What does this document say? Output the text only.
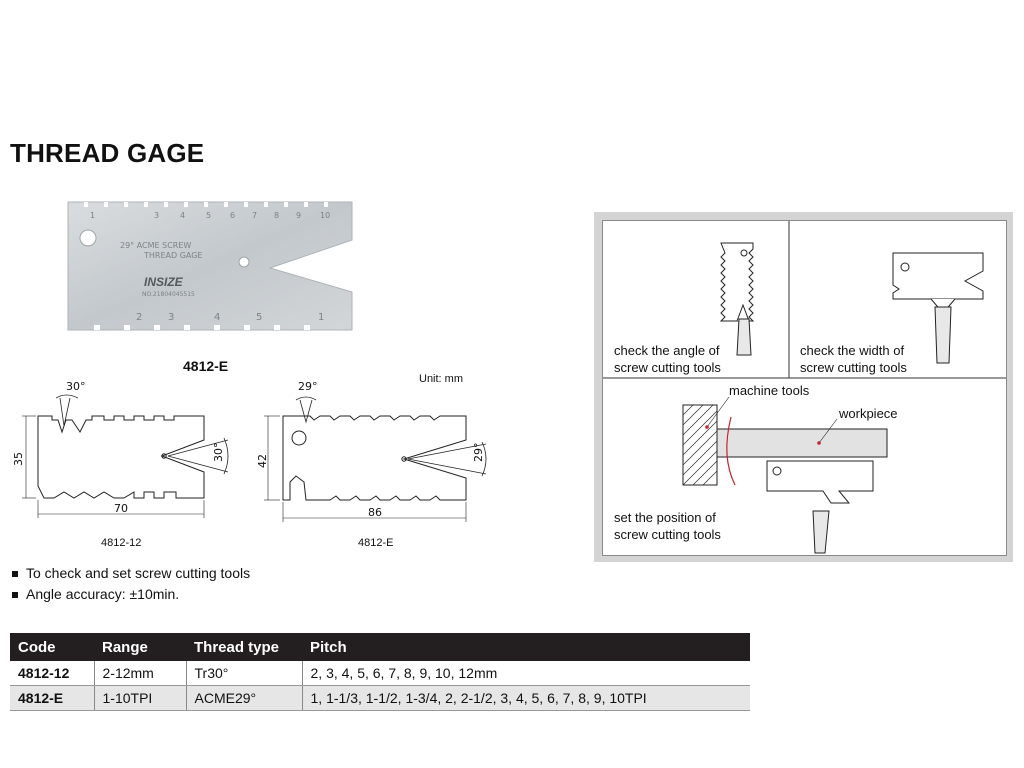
THREAD GAGE
1	3	4	5 6 7 8 9 10
29° ACME SCREW
THREAD GAGE
NO.21804045515
2	3	4	5	1
INSIZE
4812-E
Unit: mm
30°
30°
35
70
29°
29°
42
86
4812-12	4812-E
To check and set screw cutting tools
Angle accuracy: ±10min.
Code	Range	Thread type	Pitch
4812-12	2-12mm	Tr30°	2, 3, 4, 5, 6, 7, 8, 9, 10, 12mm
4812-E	1-10TPI	ACME29°	1, 1-1/3, 1-1/2, 1-3/4, 2, 2-1/2, 3, 4, 5, 6, 7, 8, 9, 10TPI
check the angle of
screw cutting tools
check the width of
screw cutting tools
machine tools
workpiece
set the position of
screw cutting tools
